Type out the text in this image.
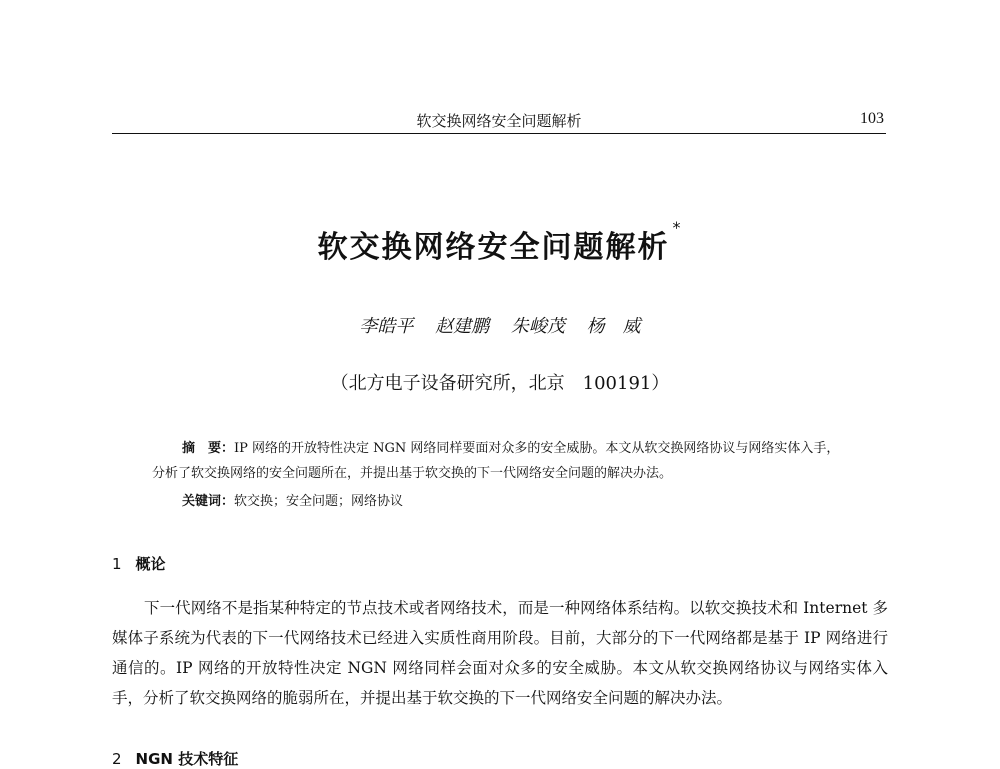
软交换网络安全问题解析	103
软交换网络安全问题解析*
李皓平 赵建鹏 朱峻茂 杨　威
（北方电子设备研究所，北京　100191）

摘　要：IP 网络的开放特性决定 NGN 网络同样要面对众多的安全威胁。本文从软交换网络协议与网络实体入手，分析了软交换网络的安全问题所在，并提出基于软交换的下一代网络安全问题的解决办法。

关键词：软交换；安全问题；网络协议
1 概论

下一代网络不是指某种特定的节点技术或者网络技术，而是一种网络体系结构。以软交换技术和 Internet 多媒体子系统为代表的下一代网络技术已经进入实质性商用阶段。目前，大部分的下一代网络都是基于 IP 网络进行通信的。IP 网络的开放特性决定 NGN 网络同样会面对众多的安全威胁。本文从软交换网络协议与网络实体入手，分析了软交换网络的脆弱所在，并提出基于软交换的下一代网络安全问题的解决办法。

2 NGN 技术特征
